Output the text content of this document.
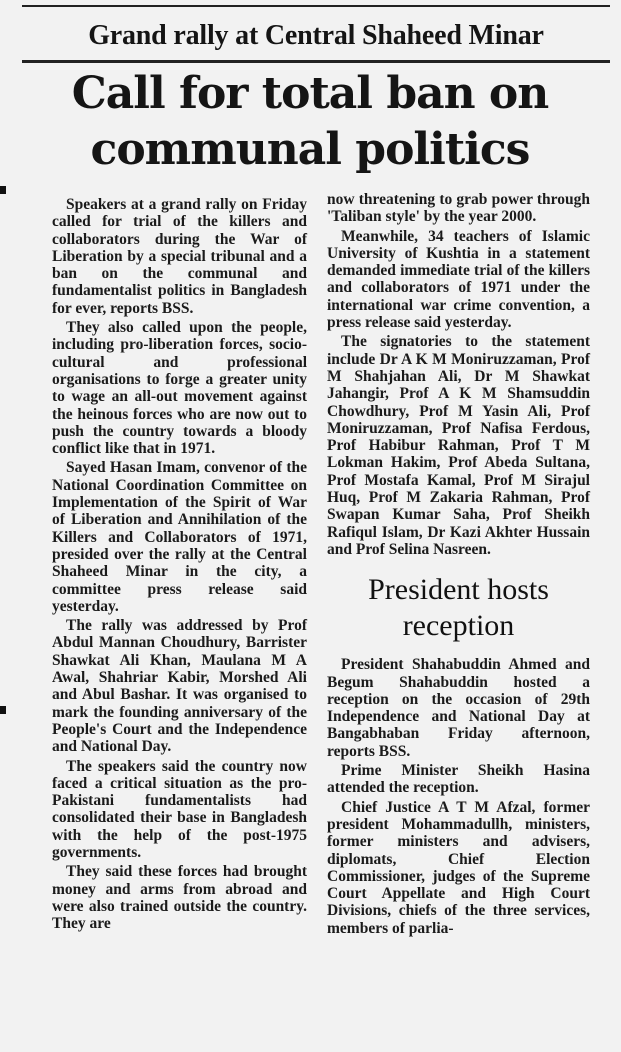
Grand rally at Central Shaheed Minar
Call for total ban on
communal politics

Speakers at a grand rally on Friday called for trial of the killers and collaborators during the War of Liberation by a special tribunal and a ban on the communal and fundamentalist politics in Bangladesh for ever, reports BSS.

They also called upon the people, including pro-liberation forces, socio-cultural and professional organisations to forge a greater unity to wage an all-out movement against the heinous forces who are now out to push the country towards a bloody conflict like that in 1971.

Sayed Hasan Imam, convenor of the National Coordination Committee on Implementation of the Spirit of War of Liberation and Annihilation of the Killers and Collaborators of 1971, presided over the rally at the Central Shaheed Minar in the city, a committee press release said yesterday.

The rally was addressed by Prof Abdul Mannan Choudhury, Barrister Shawkat Ali Khan, Maulana M A Awal, Shahriar Kabir, Morshed Ali and Abul Bashar. It was organised to mark the founding anniversary of the People's Court and the Independence and National Day.

The speakers said the country now faced a critical situation as the pro-Pakistani fundamentalists had consolidated their base in Bangladesh with the help of the post-1975 governments.

They said these forces had brought money and arms from abroad and were also trained outside the country. They are

now threatening to grab power through 'Taliban style' by the year 2000.

Meanwhile, 34 teachers of Islamic University of Kushtia in a statement demanded immediate trial of the killers and collaborators of 1971 under the international war crime convention, a press release said yesterday.

The signatories to the statement include Dr A K M Moniruzzaman, Prof M Shahjahan Ali, Dr M Shawkat Jahangir, Prof A K M Shamsuddin Chowdhury, Prof M Yasin Ali, Prof Moniruzzaman, Prof Nafisa Ferdous, Prof Habibur Rahman, Prof T M Lokman Hakim, Prof Abeda Sultana, Prof Mostafa Kamal, Prof M Sirajul Huq, Prof M Zakaria Rahman, Prof Swapan Kumar Saha, Prof Sheikh Rafiqul Islam, Dr Kazi Akhter Hussain and Prof Selina Nasreen.

President hosts
reception

President Shahabuddin Ahmed and Begum Shahabuddin hosted a reception on the occasion of 29th Independence and National Day at Bangabhaban Friday afternoon, reports BSS.

Prime Minister Sheikh Hasina attended the reception.

Chief Justice A T M Afzal, former president Mohammadullh, ministers, former ministers and advisers, diplomats, Chief Election Commissioner, judges of the Supreme Court Appellate and High Court Divisions, chiefs of the three services, members of parlia-
